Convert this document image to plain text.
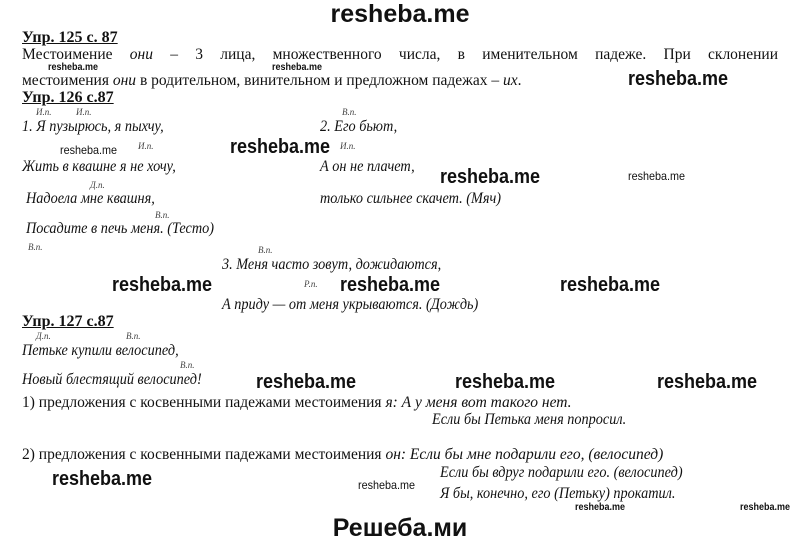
resheba.me
Упр. 125 с. 87
Местоимение они – 3 лица, множественного числа, в именительном падеже. При склонении
местоимения они в родительном, винительном и предложном падежах – их.
resheba.me	resheba.me
resheba.me
Упр. 126 с.87
И.п.	И.п.	В.п.
1. Я пузырюсь, я пыхчу,	2. Его бьют,
resheba.me И.п.	resheba.me И.п.
Жить в квашне я не хочу,	А он не плачет, resheba.me	resheba.me
Д.п.
Надоела мне квашня,	только сильнее скачет. (Мяч)
В.п.
Посадите в печь меня. (Тесто)
В.п.	В.п.
3. Меня часто зовут, дожидаются,
resheba.me	Р.п. resheba.me	resheba.me
А приду — от меня укрываются. (Дождь)
Упр. 127 с.87
Д.п.	В.п.
Петьке купили велосипед,
В.п.
Новый блестящий велосипед!	resheba.me	resheba.me	resheba.me
1) предложения с косвенными падежами местоимения я: А у меня вот такого нет.
Если бы Петька меня попросил.
2) предложения с косвенными падежами местоимения он: Если бы мне подарили его, (велосипед)
resheba.me	resheba.me
Если бы вдруг подарили его. (велосипед)
Я бы, конечно, его (Петьку) прокатил.
resheba.me	resheba.me
Решеба.ми
